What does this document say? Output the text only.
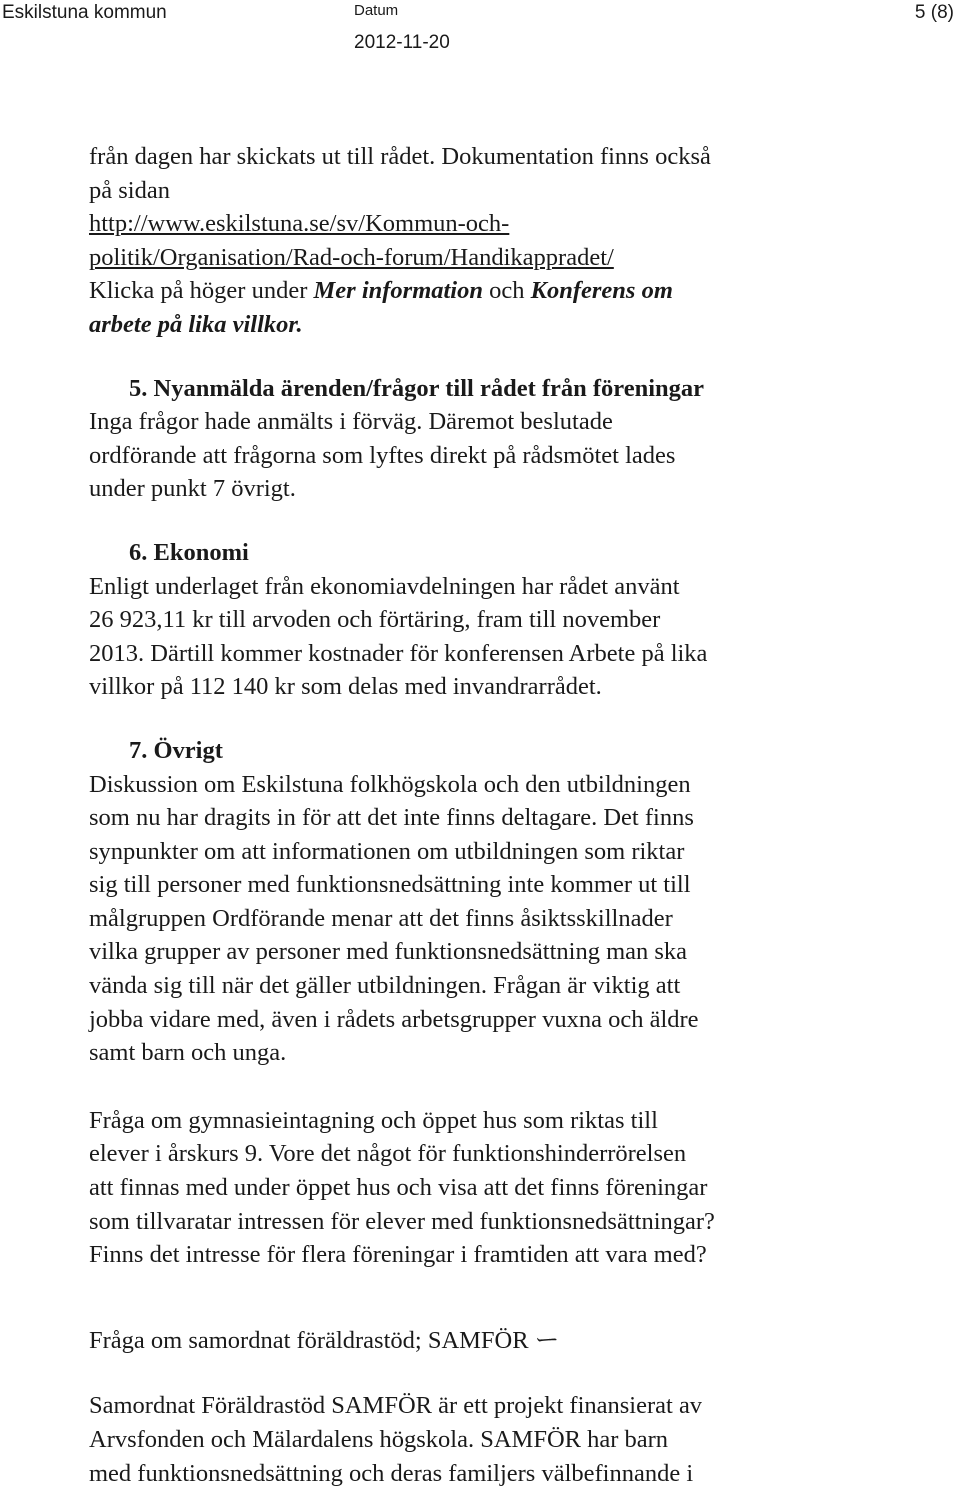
Eskilstuna kommun	Datum
2012-11-20
5 (8)
från dagen har skickats ut till rådet. Dokumentation finns också
på sidan
http://www.eskilstuna.se/sv/Kommun-och-
politik/Organisation/Rad-och-forum/Handikappradet/
Klicka på höger under Mer information och Konferens om
arbete på lika villkor.
5. Nyanmälda ärenden/frågor till rådet från föreningar
Inga frågor hade anmälts i förväg. Däremot beslutade
ordförande att frågorna som lyftes direkt på rådsmötet lades
under punkt 7 övrigt.
6. Ekonomi
Enligt underlaget från ekonomiavdelningen har rådet använt
26 923,11 kr till arvoden och förtäring, fram till november
2013. Därtill kommer kostnader för konferensen Arbete på lika
villkor på 112 140 kr som delas med invandrarrådet.
7. Övrigt
Diskussion om Eskilstuna folkhögskola och den utbildningen
som nu har dragits in för att det inte finns deltagare. Det finns
synpunkter om att informationen om utbildningen som riktar
sig till personer med funktionsnedsättning inte kommer ut till
målgruppen Ordförande menar att det finns åsiktsskillnader
vilka grupper av personer med funktionsnedsättning man ska
vända sig till när det gäller utbildningen. Frågan är viktig att
jobba vidare med, även i rådets arbetsgrupper vuxna och äldre
samt barn och unga.
Fråga om gymnasieintagning och öppet hus som riktas till
elever i årskurs 9. Vore det något för funktionshinderrörelsen
att finnas med under öppet hus och visa att det finns föreningar
som tillvaratar intressen för elever med funktionsnedsättningar?
Finns det intresse för flera föreningar i framtiden att vara med?
Fråga om samordnat föräldrastöd; SAMFÖR ー
Samordnat Föräldrastöd SAMFÖR är ett projekt finansierat av
Arvsfonden och Mälardalens högskola. SAMFÖR har barn
med funktionsnedsättning och deras familjers välbefinnande i
